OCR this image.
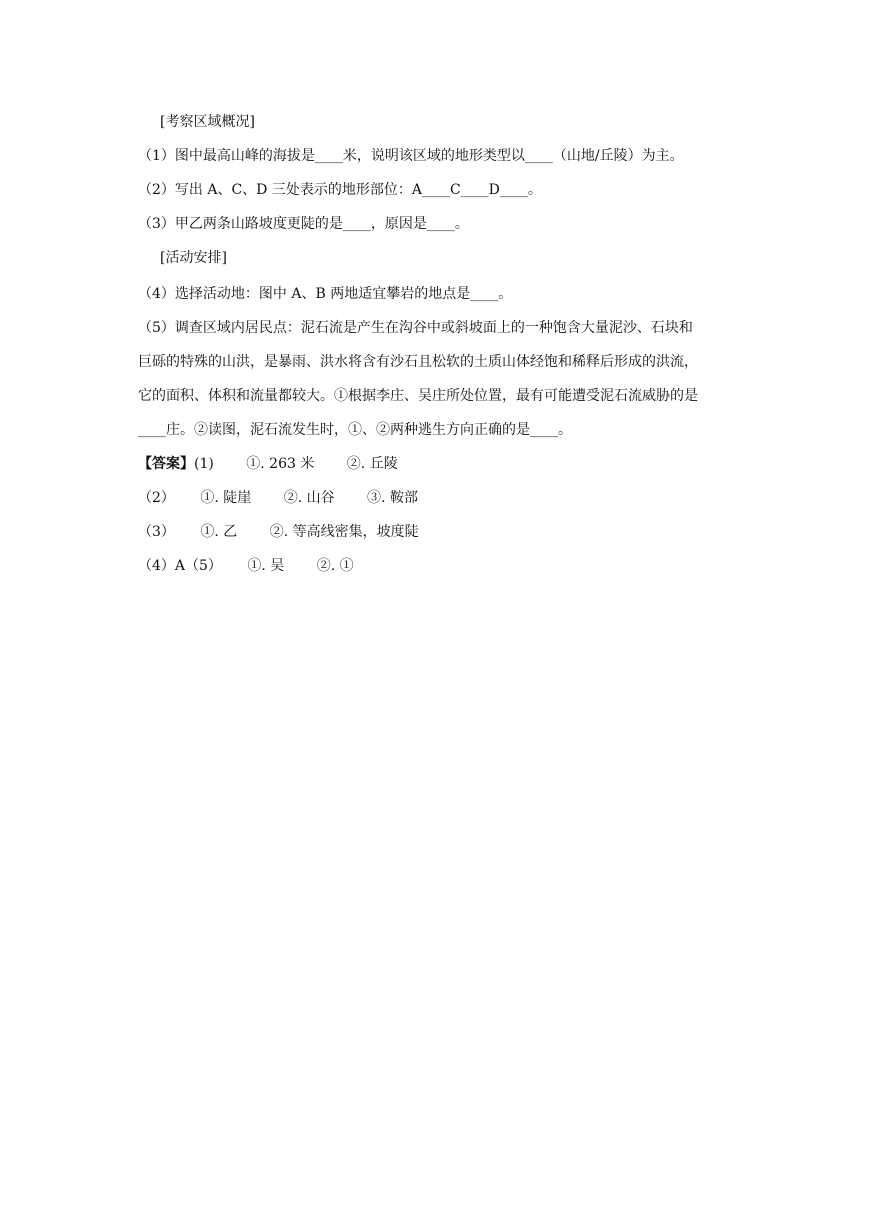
[考察区域概况]
（1）图中最高山峰的海拔是____米，说明该区域的地形类型以____（山地/丘陵）为主。
（2）写出 A、C、D 三处表示的地形部位：A____C____D____。
（3）甲乙两条山路坡度更陡的是____，原因是____。
[活动安排]
（4）选择活动地：图中 A、B 两地适宜攀岩的地点是____。
（5）调查区域内居民点：泥石流是产生在沟谷中或斜坡面上的一种饱含大量泥沙、石块和
巨砾的特殊的山洪，是暴雨、洪水将含有沙石且松软的土质山体经饱和稀释后形成的洪流，
它的面积、体积和流量都较大。①根据李庄、吴庄所处位置，最有可能遭受泥石流威胁的是
____庄。②读图，泥石流发生时，①、②两种逃生方向正确的是____。
【答案】(1)　　 ①. 263 米　　 ②. 丘陵
（2）　　 ①. 陡崖　　 ②. 山谷　　 ③. 鞍部
（3）　　 ①. 乙　　 ②. 等高线密集，坡度陡
（4）A（5）　　 ①. 吴　　 ②. ①
